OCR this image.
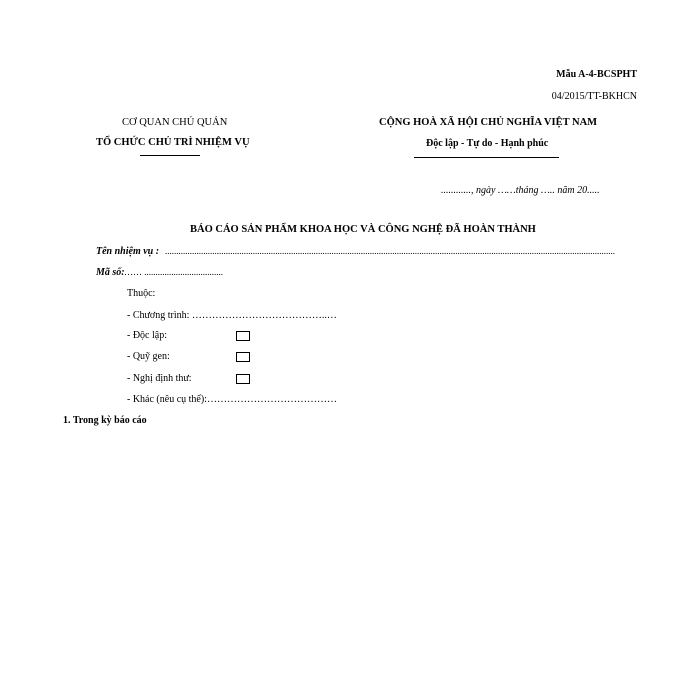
Mẫu A-4-BCSPHT
04/2015/TT-BKHCN
CƠ QUAN CHỦ QUẢN
TỔ CHỨC CHỦ TRÌ NHIỆM VỤ
CỘNG HOÀ XÃ HỘI CHỦ NGHĨA VIỆT NAM
Độc lập - Tự do - Hạnh phúc
............, ngày ……tháng ….. năm 20.....
BÁO CÁO SẢN PHẨM KHOA HỌC VÀ CÔNG NGHỆ ĐÃ HOÀN THÀNH
Tên nhiệm vụ : ........................................................................................................................................................................................................
Mã số: …… ...................................
Thuộc:
- Chương trình: …………………………………..…
- Độc lập:
- Quỹ gen:
- Nghị định thư:
- Khác (nêu cụ thể):…………………………………
1. Trong kỳ báo cáo
